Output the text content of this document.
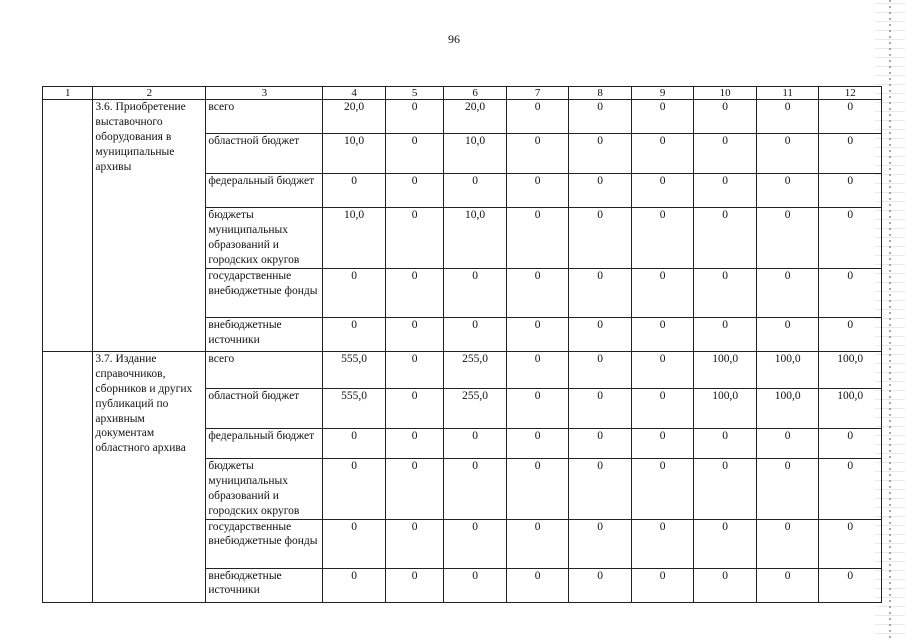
96
1	2	3	4	5	6	7	8	9	10	11	12
	3.6. Приобретение выставочного оборудования в муниципальные архивы	всего	20,0	0	20,0	0	0	0	0	0	0
		областной бюджет	10,0	0	10,0	0	0	0	0	0	0
		федеральный бюджет	0	0	0	0	0	0	0	0	0
		бюджеты муниципальных образований и городских округов	10,0	0	10,0	0	0	0	0	0	0
		государственные внебюджетные фонды	0	0	0	0	0	0	0	0	0
		внебюджетные источники	0	0	0	0	0	0	0	0	0
	3.7. Издание справочников, сборников и других публикаций по архивным документам областного архива	всего	555,0	0	255,0	0	0	0	100,0	100,0	100,0
		областной бюджет	555,0	0	255,0	0	0	0	100,0	100,0	100,0
		федеральный бюджет	0	0	0	0	0	0	0	0	0
		бюджеты муниципальных образований и городских округов	0	0	0	0	0	0	0	0	0
		государственные внебюджетные фонды	0	0	0	0	0	0	0	0	0
		внебюджетные источники	0	0	0	0	0	0	0	0	0
